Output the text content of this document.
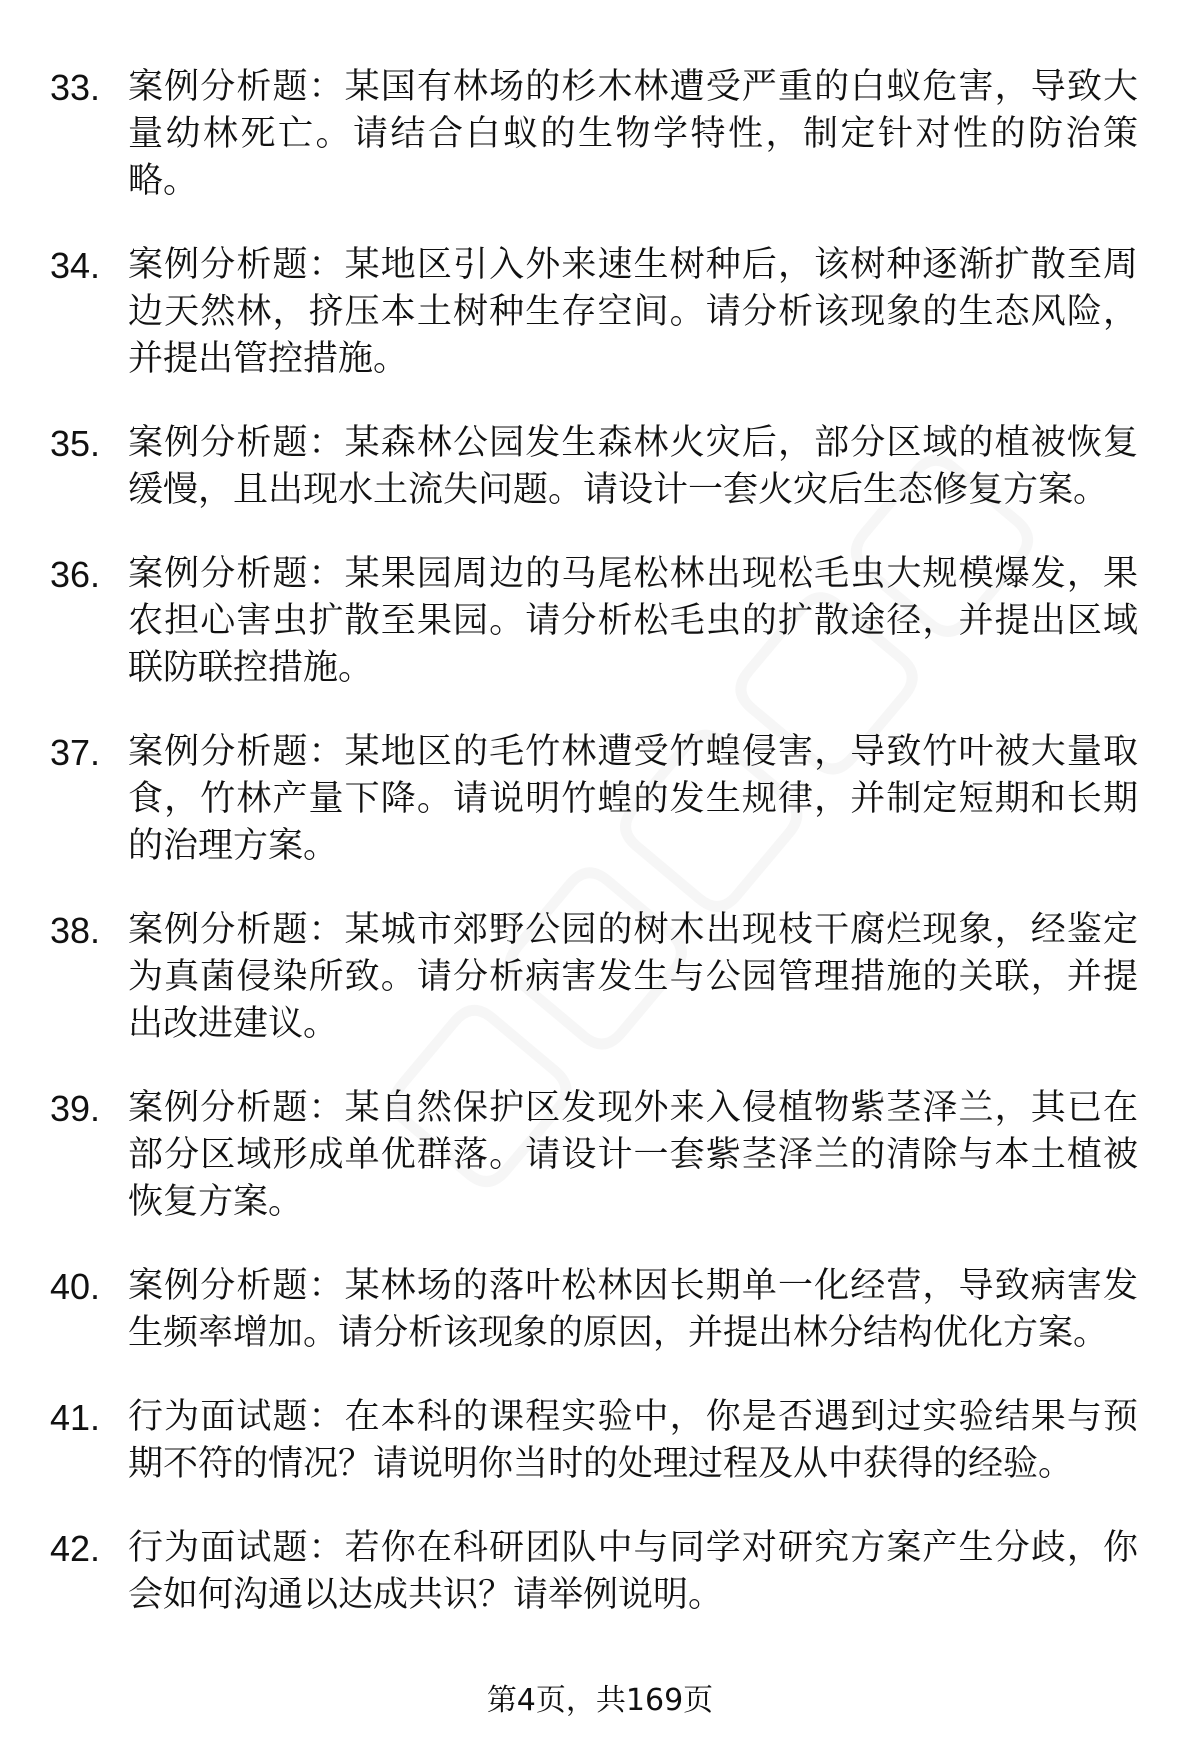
33. 案例分析题：某国有林场的杉木林遭受严重的白蚁危害，导致大量幼林死亡。请结合白蚁的生物学特性，制定针对性的防治策略。
34. 案例分析题：某地区引入外来速生树种后，该树种逐渐扩散至周边天然林，挤压本土树种生存空间。请分析该现象的生态风险，并提出管控措施。
35. 案例分析题：某森林公园发生森林火灾后，部分区域的植被恢复缓慢，且出现水土流失问题。请设计一套火灾后生态修复方案。
36. 案例分析题：某果园周边的马尾松林出现松毛虫大规模爆发，果农担心害虫扩散至果园。请分析松毛虫的扩散途径，并提出区域联防联控措施。
37. 案例分析题：某地区的毛竹林遭受竹蝗侵害，导致竹叶被大量取食，竹林产量下降。请说明竹蝗的发生规律，并制定短期和长期的治理方案。
38. 案例分析题：某城市郊野公园的树木出现枝干腐烂现象，经鉴定为真菌侵染所致。请分析病害发生与公园管理措施的关联，并提出改进建议。
39. 案例分析题：某自然保护区发现外来入侵植物紫茎泽兰，其已在部分区域形成单优群落。请设计一套紫茎泽兰的清除与本土植被恢复方案。
40. 案例分析题：某林场的落叶松林因长期单一化经营，导致病害发生频率增加。请分析该现象的原因，并提出林分结构优化方案。
41. 行为面试题：在本科的课程实验中，你是否遇到过实验结果与预期不符的情况？请说明你当时的处理过程及从中获得的经验。
42. 行为面试题：若你在科研团队中与同学对研究方案产生分歧，你会如何沟通以达成共识？请举例说明。
第4页，共169页
